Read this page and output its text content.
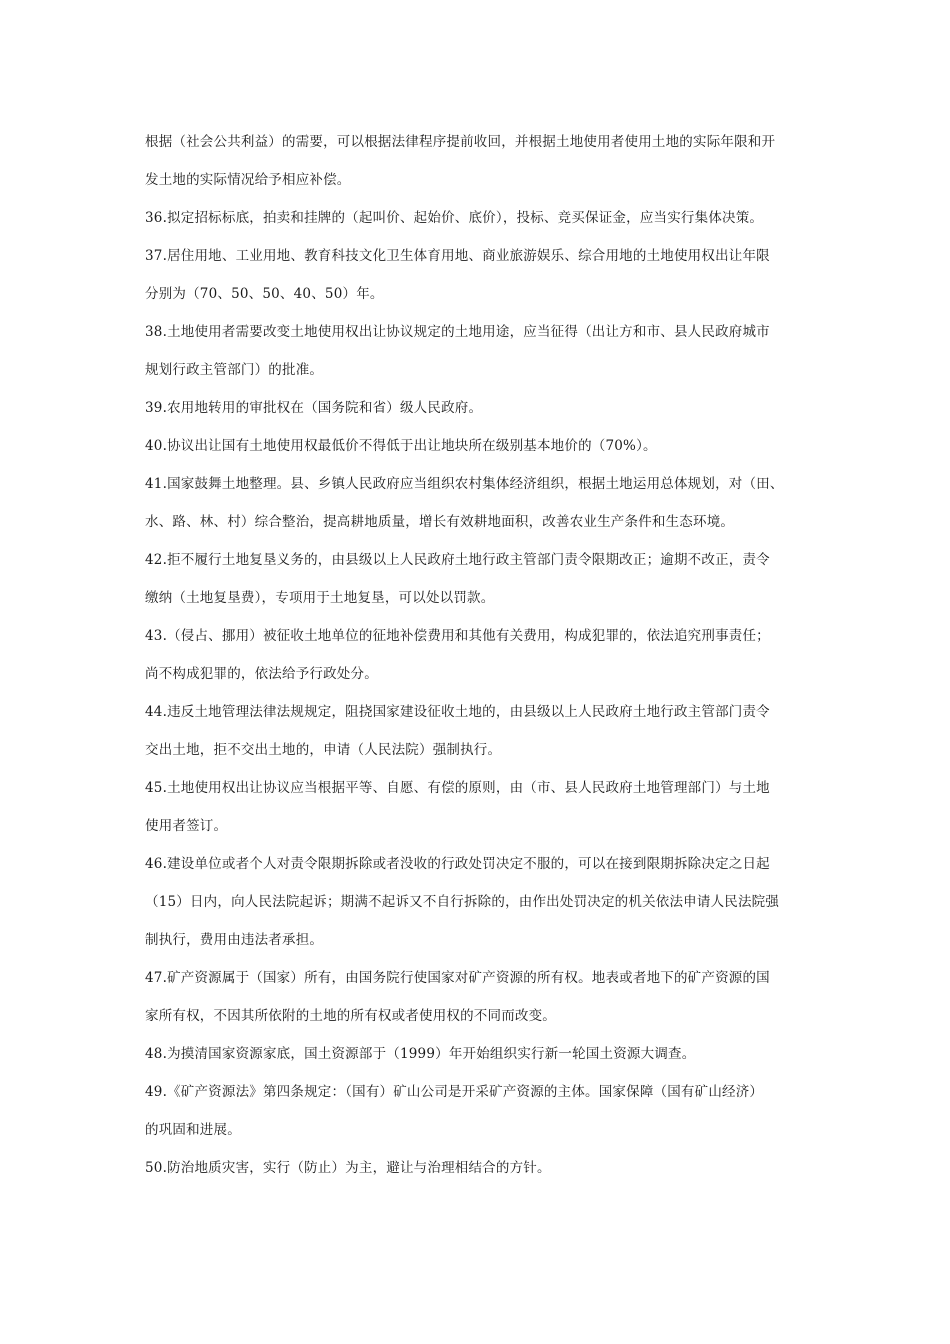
根据（社会公共利益）的需要，可以根据法律程序提前收回，并根据土地使用者使用土地的实际年限和开
发土地的实际情况给予相应补偿。

36.拟定招标标底，拍卖和挂牌的（起叫价、起始价、底价），投标、竞买保证金，应当实行集体决策。

37.居住用地、工业用地、教育科技文化卫生体育用地、商业旅游娱乐、综合用地的土地使用权出让年限
分别为（70、50、50、40、50）年。

38.土地使用者需要改变土地使用权出让协议规定的土地用途，应当征得（出让方和市、县人民政府城市
规划行政主管部门）的批准。

39.农用地转用的审批权在（国务院和省）级人民政府。

40.协议出让国有土地使用权最低价不得低于出让地块所在级别基本地价的（70%）。

41.国家鼓舞土地整理。县、乡镇人民政府应当组织农村集体经济组织，根据土地运用总体规划，对（田、
水、路、林、村）综合整治，提高耕地质量，增长有效耕地面积，改善农业生产条件和生态环境。

42.拒不履行土地复垦义务的，由县级以上人民政府土地行政主管部门责令限期改正；逾期不改正，责令
缴纳（土地复垦费），专项用于土地复垦，可以处以罚款。

43.（侵占、挪用）被征收土地单位的征地补偿费用和其他有关费用，构成犯罪的，依法追究刑事责任；
尚不构成犯罪的，依法给予行政处分。

44.违反土地管理法律法规规定，阻挠国家建设征收土地的，由县级以上人民政府土地行政主管部门责令
交出土地，拒不交出土地的，申请（人民法院）强制执行。

45.土地使用权出让协议应当根据平等、自愿、有偿的原则，由（市、县人民政府土地管理部门）与土地
使用者签订。

46.建设单位或者个人对责令限期拆除或者没收的行政处罚决定不服的，可以在接到限期拆除决定之日起
（15）日内，向人民法院起诉；期满不起诉又不自行拆除的，由作出处罚决定的机关依法申请人民法院强
制执行，费用由违法者承担。

47.矿产资源属于（国家）所有，由国务院行使国家对矿产资源的所有权。地表或者地下的矿产资源的国
家所有权，不因其所依附的土地的所有权或者使用权的不同而改变。

48.为摸清国家资源家底，国土资源部于（1999）年开始组织实行新一轮国土资源大调查。

49.《矿产资源法》第四条规定：（国有）矿山公司是开采矿产资源的主体。国家保障（国有矿山经济）
的巩固和进展。

50.防治地质灾害，实行（防止）为主，避让与治理相结合的方针。
